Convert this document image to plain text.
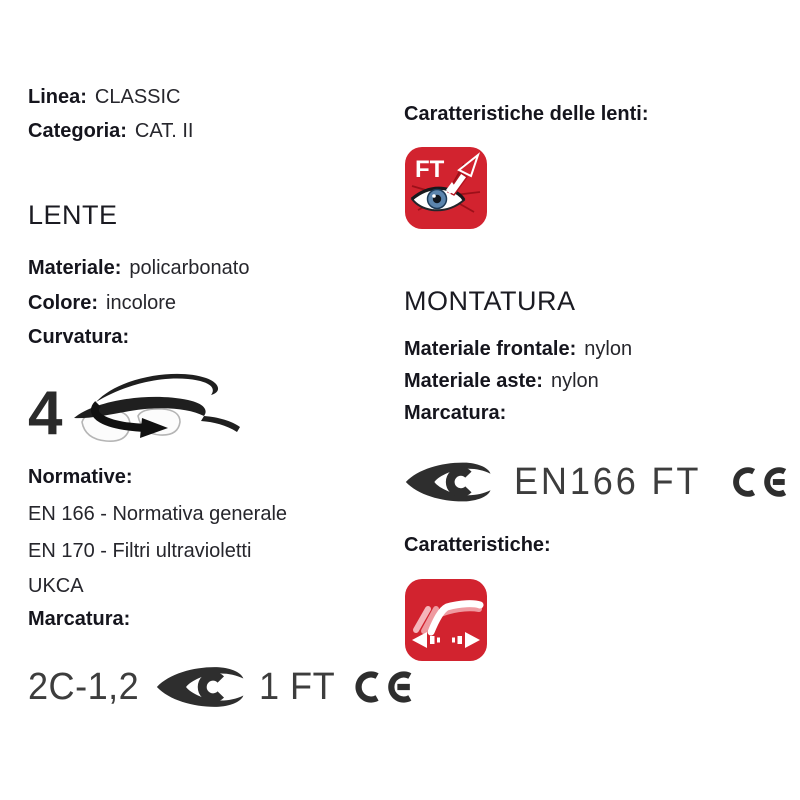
Linea: CLASSIC
Categoria: CAT. II
LENTE
Materiale: policarbonato
Colore: incolore
Curvatura:
4
Normative:
EN 166 - Normativa generale
EN 170 - Filtri ultravioletti
UKCA
Marcatura:
2C-1,2	1 FT
Caratteristiche delle lenti:
FT
MONTATURA
Materiale frontale: nylon
Materiale aste: nylon
Marcatura:
EN166 FT
Caratteristiche:
